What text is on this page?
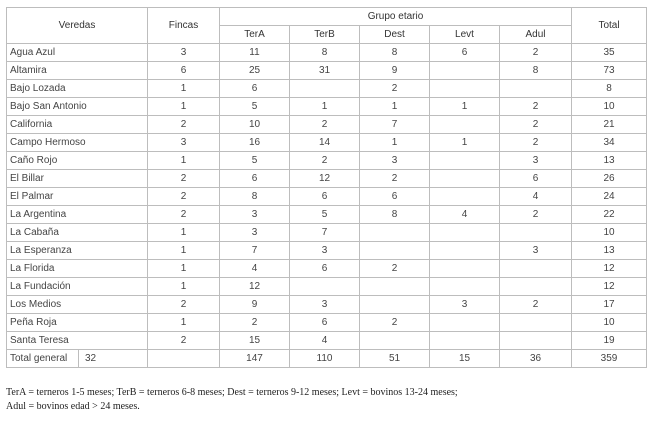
Veredas	Fincas	Grupo etario					Total
		TerA	TerB	Dest	Levt	Adul	
Agua Azul	3	11	8	8	6	2	35
Altamira	6	25	31	9		8	73
Bajo Lozada	1	6		2			8
Bajo San Antonio	1	5	1	1	1	2	10
California	2	10	2	7		2	21
Campo Hermoso	3	16	14	1	1	2	34
Caño Rojo	1	5	2	3		3	13
El Billar	2	6	12	2		6	26
El Palmar	2	8	6	6		4	24
La Argentina	2	3	5	8	4	2	22
La Cabaña	1	3	7				10
La Esperanza	1	7	3			3	13
La Florida	1	4	6	2			12
La Fundación	1	12					12
Los Medios	2	9	3		3	2	17
Peña Roja	1	2	6	2			10
Santa Teresa	2	15	4				19

Total general 32		147	110	51	15	36	359
TerA = terneros 1-5 meses; TerB = terneros 6-8 meses; Dest = terneros 9-12 meses; Levt = bovinos 13-24 meses;
Adul = bovinos edad > 24 meses.
